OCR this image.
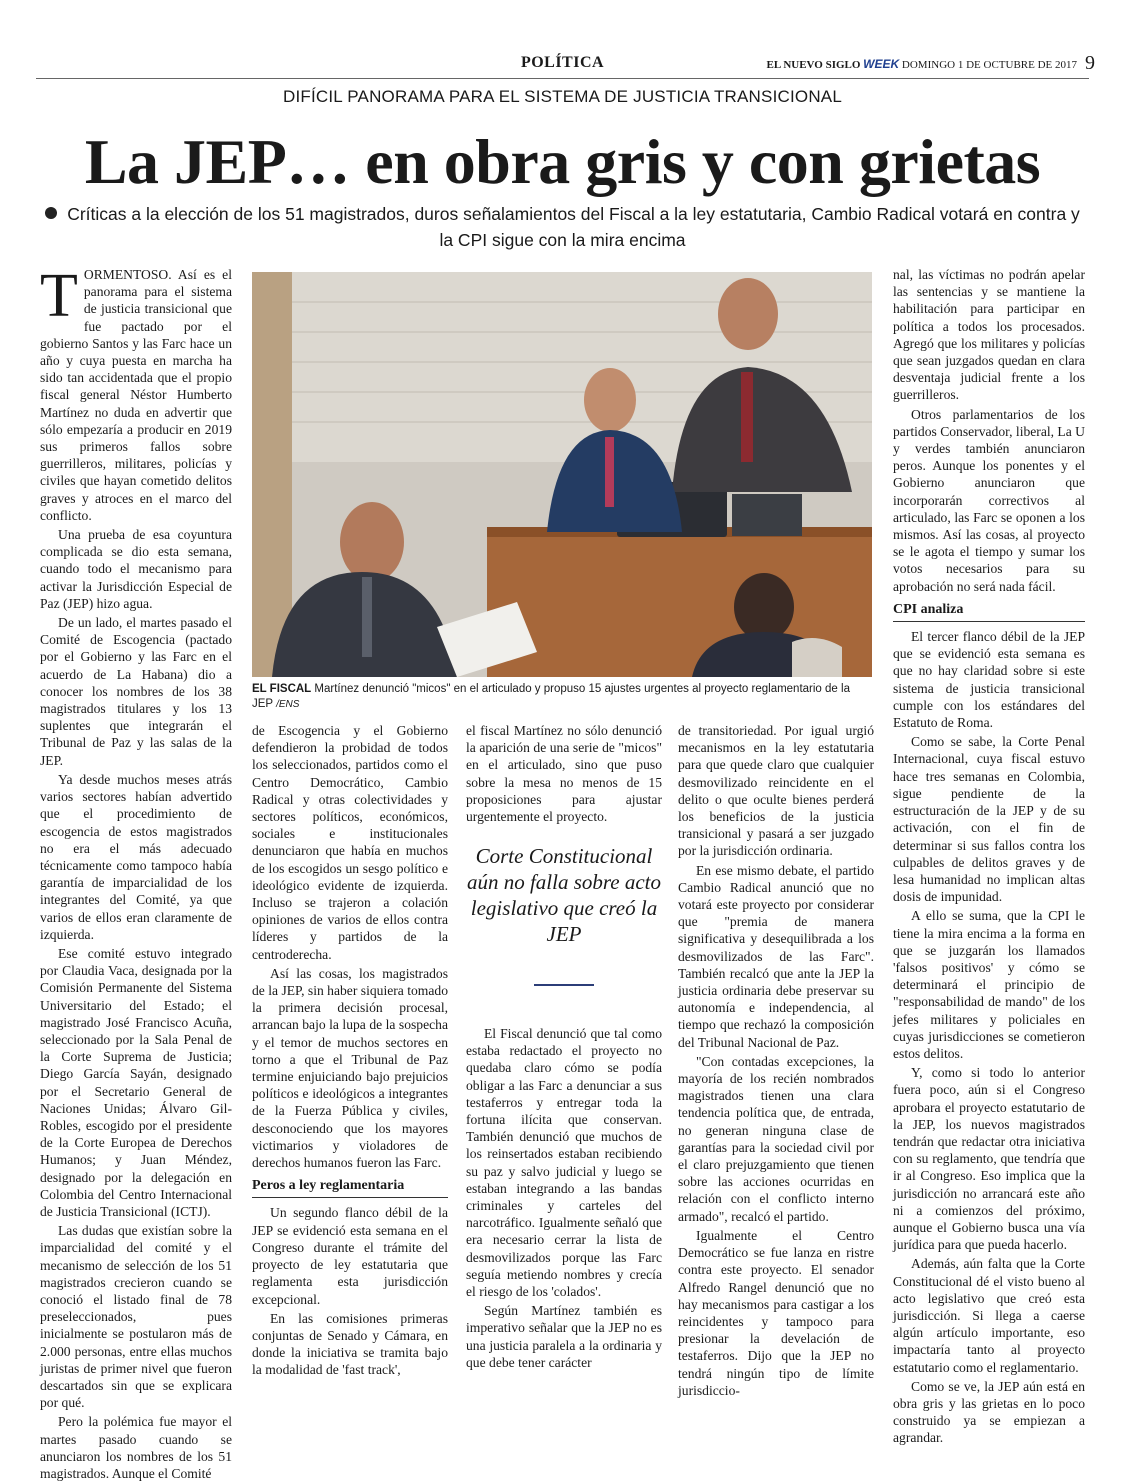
POLÍTICA	EL NUEVO SIGLO WEEK DOMINGO 1 DE OCTUBRE DE 2017 9
DIFÍCIL PANORAMA PARA EL SISTEMA DE JUSTICIA TRANSICIONAL
La JEP… en obra gris y con grietas
Críticas a la elección de los 51 magistrados, duros señalamientos del Fiscal a la ley estatutaria, Cambio Radical votará en contra y la CPI sigue con la mira encima

TORMENTOSO. Así es el panorama para el sistema de justicia transicional que fue pactado por el gobierno Santos y las Farc hace un año y cuya puesta en marcha ha sido tan accidentada que el propio fiscal general Néstor Humberto Martínez no duda en advertir que sólo empezaría a producir en 2019 sus primeros fallos sobre guerrilleros, militares, policías y civiles que hayan cometido delitos graves y atroces en el marco del conflicto.

Una prueba de esa coyuntura complicada se dio esta semana, cuando todo el mecanismo para activar la Jurisdicción Especial de Paz (JEP) hizo agua.

De un lado, el martes pasado el Comité de Escogencia (pactado por el Gobierno y las Farc en el acuerdo de La Habana) dio a conocer los nombres de los 38 magistrados titulares y los 13 suplentes que integrarán el Tribunal de Paz y las salas de la JEP.

Ya desde muchos meses atrás varios sectores habían advertido que el procedimiento de escogencia de estos magistrados no era el más adecuado técnicamente como tampoco había garantía de imparcialidad de los integrantes del Comité, ya que varios de ellos eran claramente de izquierda.

Ese comité estuvo integrado por Claudia Vaca, designada por la Comisión Permanente del Sistema Universitario del Estado; el magistrado José Francisco Acuña, seleccionado por la Sala Penal de la Corte Suprema de Justicia; Diego García Sayán, designado por el Secretario General de Naciones Unidas; Álvaro Gil-Robles, escogido por el presidente de la Corte Europea de Derechos Humanos; y Juan Méndez, designado por la delegación en Colombia del Centro Internacional de Justicia Transicional (ICTJ).

Las dudas que existían sobre la imparcialidad del comité y el mecanismo de selección de los 51 magistrados crecieron cuando se conoció el listado final de 78 preseleccionados, pues inicialmente se postularon más de 2.000 personas, entre ellas muchos juristas de primer nivel que fueron descartados sin que se explicara por qué.

Pero la polémica fue mayor el martes pasado cuando se anunciaron los nombres de los 51 magistrados. Aunque el Comité

EL FISCAL Martínez denunció "micos" en el articulado y propuso 15 ajustes urgentes al proyecto reglamentario de la JEP /ENS

de Escogencia y el Gobierno defendieron la probidad de todos los seleccionados, partidos como el Centro Democrático, Cambio Radical y otras colectividades y sectores políticos, económicos, sociales e institucionales denunciaron que había en muchos de los escogidos un sesgo político e ideológico evidente de izquierda. Incluso se trajeron a colación opiniones de varios de ellos contra líderes y partidos de la centroderecha.

Así las cosas, los magistrados de la JEP, sin haber siquiera tomado la primera decisión procesal, arrancan bajo la lupa de la sospecha y el temor de muchos sectores en torno a que el Tribunal de Paz termine enjuiciando bajo prejuicios políticos e ideológicos a integrantes de la Fuerza Pública y civiles, desconociendo que los mayores victimarios y violadores de derechos humanos fueron las Farc.

Peros a ley reglamentaria

Un segundo flanco débil de la JEP se evidenció esta semana en el Congreso durante el trámite del proyecto de ley estatutaria que reglamenta esta jurisdicción excepcional.

En las comisiones primeras conjuntas de Senado y Cámara, en donde la iniciativa se tramita bajo la modalidad de 'fast track',

el fiscal Martínez no sólo denunció la aparición de una serie de "micos" en el articulado, sino que puso sobre la mesa no menos de 15 proposiciones para ajustar urgentemente el proyecto.

Corte Constitucional aún no falla sobre acto legislativo que creó la JEP

El Fiscal denunció que tal como estaba redactado el proyecto no quedaba claro cómo se podía obligar a las Farc a denunciar a sus testaferros y entregar toda la fortuna ilícita que conservan. También denunció que muchos de los reinsertados estaban recibiendo su paz y salvo judicial y luego se estaban integrando a las bandas criminales y carteles del narcotráfico. Igualmente señaló que era necesario cerrar la lista de desmovilizados porque las Farc seguía metiendo nombres y crecía el riesgo de los 'colados'.

Según Martínez también es imperativo señalar que la JEP no es una justicia paralela a la ordinaria y que debe tener carácter

de transitoriedad. Por igual urgió mecanismos en la ley estatutaria para que quede claro que cualquier desmovilizado reincidente en el delito o que oculte bienes perderá los beneficios de la justicia transicional y pasará a ser juzgado por la jurisdicción ordinaria.

En ese mismo debate, el partido Cambio Radical anunció que no votará este proyecto por considerar que "premia de manera significativa y desequilibrada a los desmovilizados de las Farc". También recalcó que ante la JEP la justicia ordinaria debe preservar su autonomía e independencia, al tiempo que rechazó la composición del Tribunal Nacional de Paz.

"Con contadas excepciones, la mayoría de los recién nombrados magistrados tienen una clara tendencia política que, de entrada, no generan ninguna clase de garantías para la sociedad civil por el claro prejuzgamiento que tienen sobre las acciones ocurridas en relación con el conflicto interno armado", recalcó el partido.

Igualmente el Centro Democrático se fue lanza en ristre contra este proyecto. El senador Alfredo Rangel denunció que no hay mecanismos para castigar a los reincidentes y tampoco para presionar la develación de testaferros. Dijo que la JEP no tendrá ningún tipo de límite jurisdiccio-

nal, las víctimas no podrán apelar las sentencias y se mantiene la habilitación para participar en política a todos los procesados. Agregó que los militares y policías que sean juzgados quedan en clara desventaja judicial frente a los guerrilleros.

Otros parlamentarios de los partidos Conservador, liberal, La U y verdes también anunciaron peros. Aunque los ponentes y el Gobierno anunciaron que incorporarán correctivos al articulado, las Farc se oponen a los mismos. Así las cosas, al proyecto se le agota el tiempo y sumar los votos necesarios para su aprobación no será nada fácil.

CPI analiza

El tercer flanco débil de la JEP que se evidenció esta semana es que no hay claridad sobre si este sistema de justicia transicional cumple con los estándares del Estatuto de Roma.

Como se sabe, la Corte Penal Internacional, cuya fiscal estuvo hace tres semanas en Colombia, sigue pendiente de la estructuración de la JEP y de su activación, con el fin de determinar si sus fallos contra los culpables de delitos graves y de lesa humanidad no implican altas dosis de impunidad.

A ello se suma, que la CPI le tiene la mira encima a la forma en que se juzgarán los llamados 'falsos positivos' y cómo se determinará el principio de "responsabilidad de mando" de los jefes militares y policiales en cuyas jurisdicciones se cometieron estos delitos.

Y, como si todo lo anterior fuera poco, aún si el Congreso aprobara el proyecto estatutario de la JEP, los nuevos magistrados tendrán que redactar otra iniciativa con su reglamento, que tendría que ir al Congreso. Eso implica que la jurisdicción no arrancará este año ni a comienzos del próximo, aunque el Gobierno busca una vía jurídica para que pueda hacerlo.

Además, aún falta que la Corte Constitucional dé el visto bueno al acto legislativo que creó esta jurisdicción. Si llega a caerse algún artículo importante, eso impactaría tanto al proyecto estatutario como el reglamentario.

Como se ve, la JEP aún está en obra gris y las grietas en lo poco construido ya se empiezan a agrandar.
